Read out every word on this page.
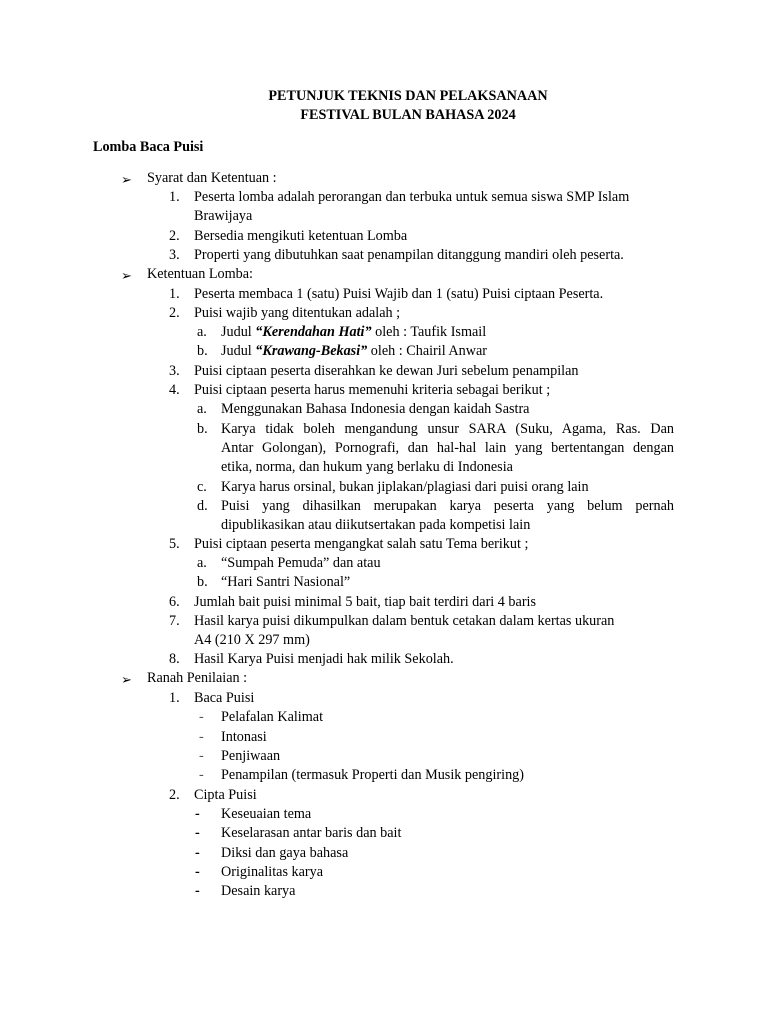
PETUNJUK TEKNIS DAN PELAKSANAAN
FESTIVAL BULAN BAHASA 2024
Lomba Baca Puisi
➢ Syarat dan Ketentuan :
1. Peserta lomba adalah perorangan dan terbuka untuk semua siswa SMP Islam
Brawijaya
2. Bersedia mengikuti ketentuan Lomba
3. Properti yang dibutuhkan saat penampilan ditanggung mandiri oleh peserta.
➢ Ketentuan Lomba:
1. Peserta membaca 1 (satu) Puisi Wajib dan 1 (satu) Puisi ciptaan Peserta.
2. Puisi wajib yang ditentukan adalah ;
a. Judul “Kerendahan Hati” oleh : Taufik Ismail
b. Judul “Krawang-Bekasi” oleh : Chairil Anwar
3. Puisi ciptaan peserta diserahkan ke dewan Juri sebelum penampilan
4. Puisi ciptaan peserta harus memenuhi kriteria sebagai berikut ;
a. Menggunakan Bahasa Indonesia dengan kaidah Sastra
b. Karya tidak boleh mengandung unsur SARA (Suku, Agama, Ras. Dan
Antar Golongan), Pornografi, dan hal-hal lain yang bertentangan dengan
etika, norma, dan hukum yang berlaku di Indonesia
c. Karya harus orsinal, bukan jiplakan/plagiasi dari puisi orang lain
d. Puisi yang dihasilkan merupakan karya peserta yang belum pernah
dipublikasikan atau diikutsertakan pada kompetisi lain
5. Puisi ciptaan peserta mengangkat salah satu Tema berikut ;
a. “Sumpah Pemuda” dan atau
b. “Hari Santri Nasional”
6. Jumlah bait puisi minimal 5 bait, tiap bait terdiri dari 4 baris
7. Hasil karya puisi dikumpulkan dalam bentuk cetakan dalam kertas ukuran
A4 (210 X 297 mm)
8. Hasil Karya Puisi menjadi hak milik Sekolah.
➢ Ranah Penilaian :
1. Baca Puisi
- Pelafalan Kalimat
- Intonasi
- Penjiwaan
- Penampilan (termasuk Properti dan Musik pengiring)
2. Cipta Puisi
- Keseuaian tema
- Keselarasan antar baris dan bait
- Diksi dan gaya bahasa
- Originalitas karya
- Desain karya
